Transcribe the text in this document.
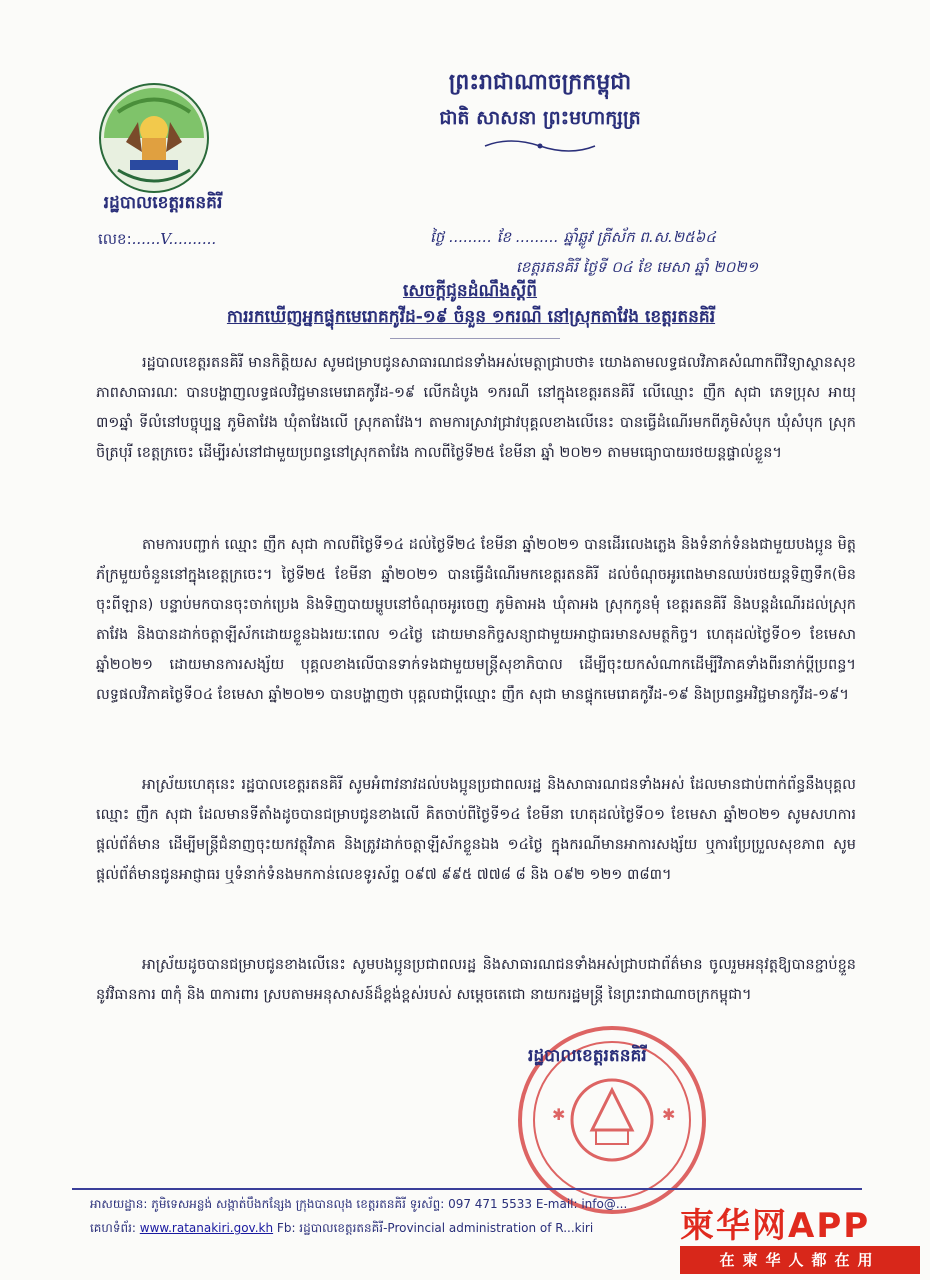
រដ្ឋបាលខេត្តរតនគិរី
ព្រះរាជាណាចក្រកម្ពុជា
ជាតិ សាសនា ព្រះមហាក្សត្រ
លេខ:......V..........	ថ្ងៃ ......... ខែ ......... ឆ្នាំឆ្លូវ ត្រីស័ក ព.ស.២៥៦៤
ខេត្តរតនគិរី ថ្ងៃទី ០៤ ខែ មេសា ឆ្នាំ ២០២១
សេចក្តីជូនដំណឹងស្តីពី
ការរកឃើញអ្នកផ្ទុកមេរោគកូវីដ-១៩ ចំនួន ១ករណី នៅស្រុកតាវែង ខេត្តរតនគិរី
រដ្ឋបាលខេត្តរតនគិរី មានកិត្តិយស សូមជម្រាបជូនសាធារណជនទាំងអស់មេត្តាជ្រាបថា៖ យោងតាមលទ្ធផលវិភាគសំណាកពីវិទ្យាស្ថានសុខភាពសាធារណៈ បានបង្ហាញលទ្ធផលវិជ្ជមានមេរោគកូវីដ-១៩ លើកដំបូង ១ករណី នៅក្នុងខេត្តរតនគិរី លើឈ្មោះ ញឹក សុជា ភេទប្រុស អាយុ ៣១ឆ្នាំ ទីលំនៅបច្ចុប្បន្ន ភូមិតាវែង ឃុំតាវែងលើ ស្រុកតាវែង។ តាមការស្រាវជ្រាវបុគ្គលខាងលើនេះ បានធ្វើដំណើរមកពីភូមិសំបុក ឃុំសំបុក ស្រុកចិត្របុរី ខេត្តក្រចេះ ដើម្បីរស់នៅជាមួយប្រពន្ធនៅស្រុកតាវែង កាលពីថ្ងៃទី២៥ ខែមីនា ឆ្នាំ ២០២១ តាមមធ្យោបាយរថយន្តផ្ទាល់ខ្លួន។
តាមការបញ្ជាក់ ឈ្មោះ ញឹក សុជា កាលពីថ្ងៃទី១៤ ដល់ថ្ងៃទី២៤ ខែមីនា ឆ្នាំ២០២១ បានដើរលេងភ្លេង និងទំនាក់ទំនងជាមួយបងប្អូន មិត្តភ័ក្រមួយចំនួននៅក្នុងខេត្តក្រចេះ។ ថ្ងៃទី២៥ ខែមីនា ឆ្នាំ២០២១ បានធ្វើដំណើរមកខេត្តរតនគិរី ដល់ចំណុចអូរពេងមានឈប់រថយន្តទិញទឹក(មិនចុះពីឡាន) បន្ទាប់មកបានចុះចាក់ប្រេង និងទិញបាយម្ហូបនៅចំណុចអូរចេញ ភូមិតាអង ឃុំតាអង ស្រុកកូនមុំ ខេត្តរតនគិរី និងបន្តដំណើរដល់ស្រុកតាវែង និងបានដាក់ចត្តាឡីស័កដោយខ្លួនឯងរយៈពេល ១៤ថ្ងៃ ដោយមានកិច្ចសន្យាជាមួយអាជ្ញាធរមានសមត្ថកិច្ច។ ហេតុដល់ថ្ងៃទី០១ ខែមេសា ឆ្នាំ២០២១ ដោយមានការសង្ស័យ បុគ្គលខាងលើបានទាក់ទងជាមួយមន្ត្រីសុខាភិបាល ដើម្បីចុះយកសំណាកដើម្បីវិភាគទាំងពីរនាក់ប្តីប្រពន្ធ។ លទ្ធផលវិភាគថ្ងៃទី០៤ ខែមេសា ឆ្នាំ២០២១ បានបង្ហាញថា បុគ្គលជាប្តីឈ្មោះ ញឹក សុជា មានផ្ទុកមេរោគកូវីដ-១៩ និងប្រពន្ធអវិជ្ជមានកូវីដ-១៩។
អាស្រ័យហេតុនេះ រដ្ឋបាលខេត្តរតនគិរី សូមអំពាវនាវដល់បងប្អូនប្រជាពលរដ្ឋ និងសាធារណជនទាំងអស់ ដែលមានជាប់ពាក់ព័ន្ធនឹងបុគ្គលឈ្មោះ ញឹក សុជា ដែលមានទីតាំងដូចបានជម្រាបជូនខាងលើ គិតចាប់ពីថ្ងៃទី១៤ ខែមីនា ហេតុដល់ថ្ងៃទី០១ ខែមេសា ឆ្នាំ២០២១ សូមសហការផ្តល់ព័ត៌មាន ដើម្បីមន្ត្រីជំនាញចុះយកវត្ថុវិភាគ និងត្រូវដាក់ចត្តាឡីស័កខ្លួនឯង ១៤ថ្ងៃ ក្នុងករណីមានអាការសង្ស័យ ឬការប្រែប្រួលសុខភាព សូមផ្តល់ព័ត៌មានជូនអាជ្ញាធរ ឬទំនាក់ទំនងមកកាន់លេខទូរស័ព្ទ ០៩៧ ៩៩៥ ៧៧៨ ៨ និង ០៩២ ១២១ ៣៨៣។
អាស្រ័យដូចបានជម្រាបជូនខាងលើនេះ សូមបងប្អូនប្រជាពលរដ្ឋ និងសាធារណជនទាំងអស់ជ្រាបជាព័ត៌មាន ចូលរួមអនុវត្តឱ្យបានខ្ជាប់ខ្ជួននូវវិធានការ ៣កុំ និង ៣ការពារ ស្របតាមអនុសាសន៍ដ៏ខ្ពង់ខ្ពស់របស់ សម្តេចតេជោ នាយករដ្ឋមន្ត្រី នៃព្រះរាជាណាចក្រកម្ពុជា។
✱	✱
រដ្ឋបាលខេត្តរតនគិរី
អាសយដ្ឋាន: ភូមិទេសអន្លង់ សង្កាត់បឹងកន្សែង ក្រុងបានលុង ខេត្តរតនគិរី ទូរស័ព្ទ: 097 471 5533 E-mail: info@...
គេហទំព័រ: www.ratanakiri.gov.kh Fb: រដ្ឋបាលខេត្តរតនគិរី-Provincial administration of R...kiri	柬华网APP
在柬华人都在用
